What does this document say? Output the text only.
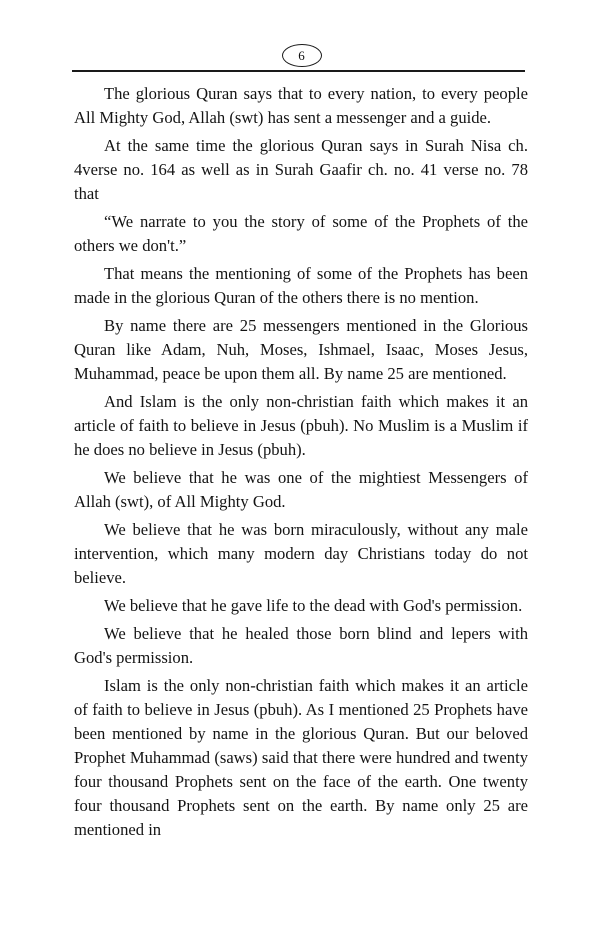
6

The glorious Quran says that to every nation, to every people All Mighty God, Allah (swt) has sent a messenger and a guide.

At the same time the glorious Quran says in Surah Nisa ch. 4verse no. 164 as well as in Surah Gaafir ch. no. 41 verse no. 78 that

“We narrate to you the story of some of the Prophets of the others we don't.”

That means the mentioning of some of the Prophets has been made in the glorious Quran of the others there is no mention.

By name there are 25 messengers mentioned in the Glorious Quran like Adam, Nuh, Moses, Ishmael, Isaac, Moses Jesus, Muhammad, peace be upon them all. By name 25 are mentioned.

And Islam is the only non-christian faith which makes it an article of faith to believe in Jesus (pbuh). No Muslim is a Muslim if he does no believe in Jesus (pbuh).

We believe that he was one of the mightiest Messengers of Allah (swt), of All Mighty God.

We believe that he was born miraculously, without any male intervention, which many modern day Christians today do not believe.

We believe that he gave life to the dead with God's permission.

We believe that he healed those born blind and lepers with God's permission.

Islam is the only non-christian faith which makes it an article of faith to believe in Jesus (pbuh). As I mentioned 25 Prophets have been mentioned by name in the glorious Quran. But our beloved Prophet Muhammad (saws) said that there were hundred and twenty four thousand Prophets sent on the face of the earth. One twenty four thousand Prophets sent on the earth. By name only 25 are mentioned in
